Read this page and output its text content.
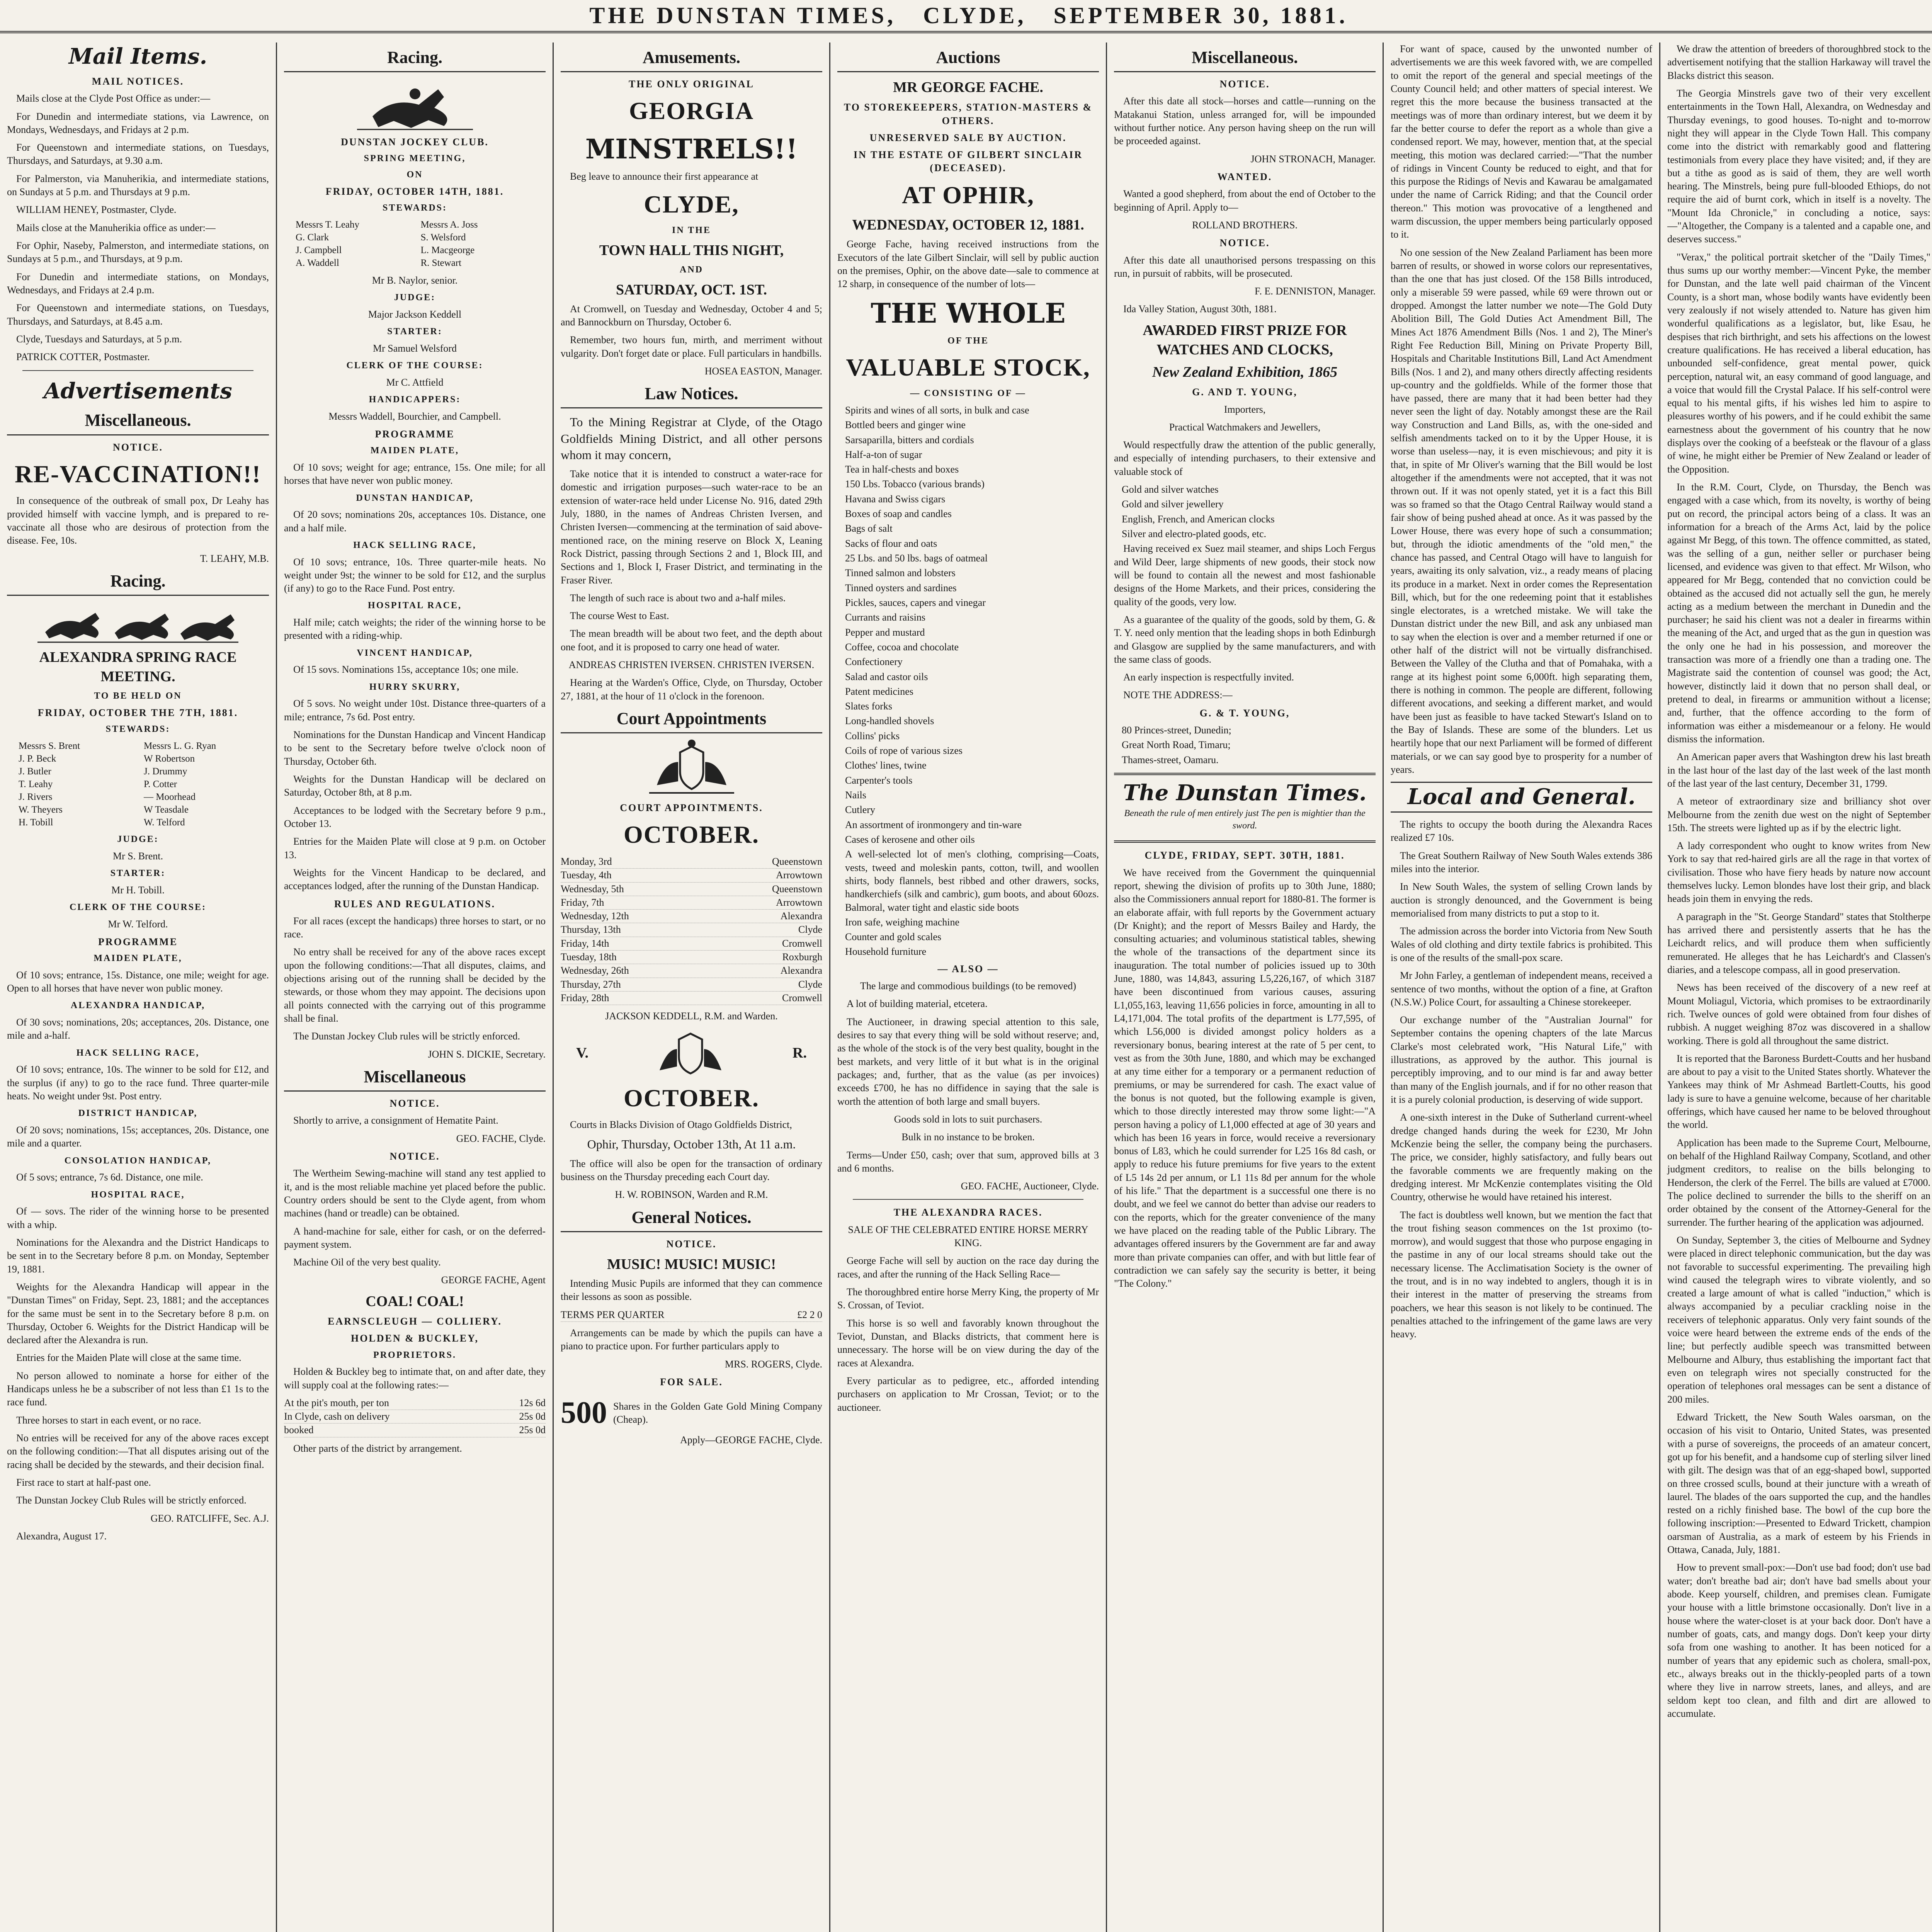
THE DUNSTAN TIMES, CLYDE, SEPTEMBER 30, 1881.
Mail Items.
MAIL NOTICES.

Mails close at the Clyde Post Office as under:—

For Dunedin and intermediate stations, via Lawrence, on Mondays, Wednesdays, and Fridays at 2 p.m.

For Queenstown and intermediate stations, on Tuesdays, Thursdays, and Saturdays, at 9.30 a.m.

For Palmerston, via Manuherikia, and intermediate stations, on Sundays at 5 p.m. and Thursdays at 9 p.m.

WILLIAM HENEY, Postmaster, Clyde.

Mails close at the Manuherikia office as under:—

For Ophir, Naseby, Palmerston, and intermediate stations, on Sundays at 5 p.m., and Thursdays, at 9 p.m.

For Dunedin and intermediate stations, on Mondays, Wednesdays, and Fridays at 2.4 p.m.

For Queenstown and intermediate stations, on Tuesdays, Thursdays, and Saturdays, at 8.45 a.m.

Clyde, Tuesdays and Saturdays, at 5 p.m.

PATRICK COTTER, Postmaster.

Advertisements
Miscellaneous.
NOTICE.
RE-VACCINATION!!

In consequence of the outbreak of small pox, Dr Leahy has provided himself with vaccine lymph, and is prepared to re-vaccinate all those who are desirous of protection from the disease. Fee, 10s.

T. LEAHY, M.B.

Racing.
ALEXANDRA SPRING RACE MEETING.
TO BE HELD ON
FRIDAY, OCTOBER THE 7TH, 1881.
STEWARDS:
Messrs S. Brent	Messrs L. G. Ryan
J. P. Beck	W Robertson
J. Butler	J. Drummy
T. Leahy	P. Cotter
J. Rivers	— Moorhead
W. Theyers	W Teasdale
H. Tobill	W. Telford
JUDGE:

Mr S. Brent.

STARTER:

Mr H. Tobill.

CLERK OF THE COURSE:

Mr W. Telford.

PROGRAMME
MAIDEN PLATE,

Of 10 sovs; entrance, 15s. Distance, one mile; weight for age. Open to all horses that have never won public money.

ALEXANDRA HANDICAP,

Of 30 sovs; nominations, 20s; acceptances, 20s. Distance, one mile and a-half.

HACK SELLING RACE,

Of 10 sovs; entrance, 10s. The winner to be sold for £12, and the surplus (if any) to go to the race fund. Three quarter-mile heats. No weight under 9st. Post entry.

DISTRICT HANDICAP,

Of 20 sovs; nominations, 15s; acceptances, 20s. Distance, one mile and a quarter.

CONSOLATION HANDICAP,

Of 5 sovs; entrance, 7s 6d. Distance, one mile.

HOSPITAL RACE,

Of — sovs. The rider of the winning horse to be presented with a whip.

Nominations for the Alexandra and the District Handicaps to be sent in to the Secretary before 8 p.m. on Monday, September 19, 1881.

Weights for the Alexandra Handicap will appear in the "Dunstan Times" on Friday, Sept. 23, 1881; and the acceptances for the same must be sent in to the Secretary before 8 p.m. on Thursday, October 6. Weights for the District Handicap will be declared after the Alexandra is run.

Entries for the Maiden Plate will close at the same time.

No person allowed to nominate a horse for either of the Handicaps unless he be a subscriber of not less than £1 1s to the race fund.

Three horses to start in each event, or no race.

No entries will be received for any of the above races except on the following condition:—That all disputes arising out of the racing shall be decided by the stewards, and their decision final.

First race to start at half-past one.

The Dunstan Jockey Club Rules will be strictly enforced.

GEO. RATCLIFFE, Sec. A.J.

Alexandra, August 17.

Racing.
DUNSTAN JOCKEY CLUB.
SPRING MEETING,
ON
FRIDAY, OCTOBER 14TH, 1881.
STEWARDS:
Messrs T. Leahy	Messrs A. Joss
G. Clark	S. Welsford
J. Campbell	L. Macgeorge
A. Waddell	R. Stewart

Mr B. Naylor, senior.

JUDGE:

Major Jackson Keddell

STARTER:

Mr Samuel Welsford

CLERK OF THE COURSE:

Mr C. Attfield

HANDICAPPERS:

Messrs Waddell, Bourchier, and Campbell.

PROGRAMME
MAIDEN PLATE,

Of 10 sovs; weight for age; entrance, 15s. One mile; for all horses that have never won public money.

DUNSTAN HANDICAP,

Of 20 sovs; nominations 20s, acceptances 10s. Distance, one and a half mile.

HACK SELLING RACE,

Of 10 sovs; entrance, 10s. Three quarter-mile heats. No weight under 9st; the winner to be sold for £12, and the surplus (if any) to go to the Race Fund. Post entry.

HOSPITAL RACE,

Half mile; catch weights; the rider of the winning horse to be presented with a riding-whip.

VINCENT HANDICAP,

Of 15 sovs. Nominations 15s, acceptance 10s; one mile.

HURRY SKURRY,

Of 5 sovs. No weight under 10st. Distance three-quarters of a mile; entrance, 7s 6d. Post entry.

Nominations for the Dunstan Handicap and Vincent Handicap to be sent to the Secretary before twelve o'clock noon of Thursday, October 6th.

Weights for the Dunstan Handicap will be declared on Saturday, October 8th, at 8 p.m.

Acceptances to be lodged with the Secretary before 9 p.m., October 13.

Entries for the Maiden Plate will close at 9 p.m. on October 13.

Weights for the Vincent Handicap to be declared, and acceptances lodged, after the running of the Dunstan Handicap.

RULES AND REGULATIONS.

For all races (except the handicaps) three horses to start, or no race.

No entry shall be received for any of the above races except upon the following conditions:—That all disputes, claims, and objections arising out of the running shall be decided by the stewards, or those whom they may appoint. The decisions upon all points connected with the carrying out of this programme shall be final.

The Dunstan Jockey Club rules will be strictly enforced.

JOHN S. DICKIE, Secretary.

Miscellaneous
NOTICE.

Shortly to arrive, a consignment of Hematite Paint.

GEO. FACHE, Clyde.

NOTICE.

The Wertheim Sewing-machine will stand any test applied to it, and is the most reliable machine yet placed before the public. Country orders should be sent to the Clyde agent, from whom machines (hand or treadle) can be obtained.

A hand-machine for sale, either for cash, or on the deferred-payment system.

Machine Oil of the very best quality.

GEORGE FACHE, Agent

COAL! COAL!
EARNSCLEUGH — COLLIERY.
HOLDEN & BUCKLEY,
PROPRIETORS.

Holden & Buckley beg to intimate that, on and after date, they will supply coal at the following rates:—

At the pit's mouth, per ton	12s 6d
In Clyde, cash on delivery	25s 0d
booked	25s 0d

Other parts of the district by arrangement.

Amusements.
THE ONLY ORIGINAL
GEORGIA
MINSTRELS!!

Beg leave to announce their first appearance at

CLYDE,
IN THE
TOWN HALL THIS NIGHT,
AND
SATURDAY, OCT. 1ST.

At Cromwell, on Tuesday and Wednesday, October 4 and 5; and Bannockburn on Thursday, October 6.

Remember, two hours fun, mirth, and merriment without vulgarity. Don't forget date or place. Full particulars in handbills.

HOSEA EASTON, Manager.

Law Notices.

To the Mining Registrar at Clyde, of the Otago Goldfields Mining District, and all other persons whom it may concern,

Take notice that it is intended to construct a water-race for domestic and irrigation purposes—such water-race to be an extension of water-race held under License No. 916, dated 29th July, 1880, in the names of Andreas Christen Iversen, and Christen Iversen—commencing at the termination of said above-mentioned race, on the mining reserve on Block X, Leaning Rock District, passing through Sections 2 and 1, Block III, and Sections and 1, Block I, Fraser District, and terminating in the Fraser River.

The length of such race is about two and a-half miles.

The course West to East.

The mean breadth will be about two feet, and the depth about one foot, and it is proposed to carry one head of water.

ANDREAS CHRISTEN IVERSEN. CHRISTEN IVERSEN.

Hearing at the Warden's Office, Clyde, on Thursday, October 27, 1881, at the hour of 11 o'clock in the forenoon.

Court Appointments
COURT APPOINTMENTS.
OCTOBER.
Monday, 3rd	Queenstown
Tuesday, 4th	Arrowtown
Wednesday, 5th	Queenstown
Friday, 7th	Arrowtown
Wednesday, 12th	Alexandra
Thursday, 13th	Clyde
Friday, 14th	Cromwell
Tuesday, 18th	Roxburgh
Wednesday, 26th	Alexandra
Thursday, 27th	Clyde
Friday, 28th	Cromwell

JACKSON KEDDELL, R.M. and Warden.

V.	R.
OCTOBER.

Courts in Blacks Division of Otago Goldfields District,

Ophir, Thursday, October 13th, At 11 a.m.

The office will also be open for the transaction of ordinary business on the Thursday preceding each Court day.

H. W. ROBINSON, Warden and R.M.

General Notices.
NOTICE.
MUSIC! MUSIC! MUSIC!

Intending Music Pupils are informed that they can commence their lessons as soon as possible.

TERMS PER QUARTER	£2 2 0

Arrangements can be made by which the pupils can have a piano to practice upon. For further particulars apply to

MRS. ROGERS, Clyde.

FOR SALE.
500 Shares in the Golden Gate Gold Mining Company (Cheap).

Apply—GEORGE FACHE, Clyde.

Auctions
MR GEORGE FACHE.
TO STOREKEEPERS, STATION-MASTERS & OTHERS.
UNRESERVED SALE BY AUCTION.
IN THE ESTATE OF GILBERT SINCLAIR (DECEASED).
AT OPHIR,
WEDNESDAY, OCTOBER 12, 1881.

George Fache, having received instructions from the Executors of the late Gilbert Sinclair, will sell by public auction on the premises, Ophir, on the above date—sale to commence at 12 sharp, in consequence of the number of lots—

THE WHOLE
OF THE
VALUABLE STOCK,
— CONSISTING OF —

Spirits and wines of all sorts, in bulk and case

Bottled beers and ginger wine

Sarsaparilla, bitters and cordials

Half-a-ton of sugar

Tea in half-chests and boxes

150 Lbs. Tobacco (various brands)

Havana and Swiss cigars

Boxes of soap and candles

Bags of salt

Sacks of flour and oats

25 Lbs. and 50 lbs. bags of oatmeal

Tinned salmon and lobsters

Tinned oysters and sardines

Pickles, sauces, capers and vinegar

Currants and raisins

Pepper and mustard

Coffee, cocoa and chocolate

Confectionery

Salad and castor oils

Patent medicines

Slates forks

Long-handled shovels

Collins' picks

Coils of rope of various sizes

Clothes' lines, twine

Carpenter's tools

Nails

Cutlery

An assortment of ironmongery and tin-ware

Cases of kerosene and other oils

A well-selected lot of men's clothing, comprising—Coats, vests, tweed and moleskin pants, cotton, twill, and woollen shirts, body flannels, best ribbed and other drawers, socks, handkerchiefs (silk and cambric), gum boots, and about 60ozs. Balmoral, water tight and elastic side boots

Iron safe, weighing machine

Counter and gold scales

Household furniture

— ALSO —

The large and commodious buildings (to be removed)

A lot of building material, etcetera.

The Auctioneer, in drawing special attention to this sale, desires to say that every thing will be sold without reserve; and, as the whole of the stock is of the very best quality, bought in the best markets, and very little of it but what is in the original packages; and, further, that as the value (as per invoices) exceeds £700, he has no diffidence in saying that the sale is worth the attention of both large and small buyers.

Goods sold in lots to suit purchasers.

Bulk in no instance to be broken.

Terms—Under £50, cash; over that sum, approved bills at 3 and 6 months.

GEO. FACHE, Auctioneer, Clyde.

THE ALEXANDRA RACES.

SALE OF THE CELEBRATED ENTIRE HORSE MERRY KING.

George Fache will sell by auction on the race day during the races, and after the running of the Hack Selling Race—

The thoroughbred entire horse Merry King, the property of Mr S. Crossan, of Teviot.

This horse is so well and favorably known throughout the Teviot, Dunstan, and Blacks districts, that comment here is unnecessary. The horse will be on view during the day of the races at Alexandra.

Every particular as to pedigree, etc., afforded intending purchasers on application to Mr Crossan, Teviot; or to the auctioneer.

Miscellaneous.
NOTICE.

After this date all stock—horses and cattle—running on the Matakanui Station, unless arranged for, will be impounded without further notice. Any person having sheep on the run will be proceeded against.

JOHN STRONACH, Manager.

WANTED.

Wanted a good shepherd, from about the end of October to the beginning of April. Apply to—

ROLLAND BROTHERS.

NOTICE.

After this date all unauthorised persons trespassing on this run, in pursuit of rabbits, will be prosecuted.

F. E. DENNISTON, Manager.

Ida Valley Station, August 30th, 1881.

AWARDED FIRST PRIZE FOR WATCHES AND CLOCKS,
New Zealand Exhibition, 1865
G. AND T. YOUNG,

Importers,

Practical Watchmakers and Jewellers,

Would respectfully draw the attention of the public generally, and especially of intending purchasers, to their extensive and valuable stock of

Gold and silver watches

Gold and silver jewellery

English, French, and American clocks

Silver and electro-plated goods, etc.

Having received ex Suez mail steamer, and ships Loch Fergus and Wild Deer, large shipments of new goods, their stock now will be found to contain all the newest and most fashionable designs of the Home Markets, and their prices, considering the quality of the goods, very low.

As a guarantee of the quality of the goods, sold by them, G. & T. Y. need only mention that the leading shops in both Edinburgh and Glasgow are supplied by the same manufacturers, and with the same class of goods.

An early inspection is respectfully invited.

NOTE THE ADDRESS:—

G. & T. YOUNG,

80 Princes-street, Dunedin;

Great North Road, Timaru;

Thames-street, Oamaru.

The Dunstan Times.

Beneath the rule of men entirely just The pen is mightier than the sword.

CLYDE, FRIDAY, SEPT. 30TH, 1881.

We have received from the Government the quinquennial report, shewing the division of profits up to 30th June, 1880; also the Commissioners annual report for 1880-81. The former is an elaborate affair, with full reports by the Government actuary (Dr Knight); and the report of Messrs Bailey and Hardy, the consulting actuaries; and voluminous statistical tables, shewing the whole of the transactions of the department since its inauguration. The total number of policies issued up to 30th June, 1880, was 14,843, assuring L5,226,167, of which 3187 have been discontinued from various causes, assuring L1,055,163, leaving 11,656 policies in force, amounting in all to L4,171,004. The total profits of the department is L77,595, of which L56,000 is divided amongst policy holders as a reversionary bonus, bearing interest at the rate of 5 per cent, to vest as from the 30th June, 1880, and which may be exchanged at any time either for a temporary or a permanent reduction of premiums, or may be surrendered for cash. The exact value of the bonus is not quoted, but the following example is given, which to those directly interested may throw some light:—"A person having a policy of L1,000 effected at age of 30 years and which has been 16 years in force, would receive a reversionary bonus of L83, which he could surrender for L25 16s 8d cash, or apply to reduce his future premiums for five years to the extent of L5 14s 2d per annum, or L1 11s 8d per annum for the whole of his life." That the department is a successful one there is no doubt, and we feel we cannot do better than advise our readers to con the reports, which for the greater convenience of the many we have placed on the reading table of the Public Library. The advantages offered insurers by the Government are far and away more than private companies can offer, and with but little fear of contradiction we can safely say the security is better, it being "The Colony."

For want of space, caused by the unwonted number of advertisements we are this week favored with, we are compelled to omit the report of the general and special meetings of the County Council held; and other matters of special interest. We regret this the more because the business transacted at the meetings was of more than ordinary interest, but we deem it by far the better course to defer the report as a whole than give a condensed report. We may, however, mention that, at the special meeting, this motion was declared carried:—"That the number of ridings in Vincent County be reduced to eight, and that for this purpose the Ridings of Nevis and Kawarau be amalgamated under the name of Carrick Riding; and that the Council order thereon." This motion was provocative of a lengthened and warm discussion, the upper members being particularly opposed to it.

No one session of the New Zealand Parliament has been more barren of results, or showed in worse colors our representatives, than the one that has just closed. Of the 158 Bills introduced, only a miserable 59 were passed, while 69 were thrown out or dropped. Amongst the latter number we note—The Gold Duty Abolition Bill, The Gold Duties Act Amendment Bill, The Mines Act 1876 Amendment Bills (Nos. 1 and 2), The Miner's Right Fee Reduction Bill, Mining on Private Property Bill, Hospitals and Charitable Institutions Bill, Land Act Amendment Bills (Nos. 1 and 2), and many others directly affecting residents up-country and the goldfields. While of the former those that have passed, there are many that it had been better had they never seen the light of day. Notably amongst these are the Rail way Construction and Land Bills, as, with the one-sided and selfish amendments tacked on to it by the Upper House, it is worse than useless—nay, it is even mischievous; and pity it is that, in spite of Mr Oliver's warning that the Bill would be lost altogether if the amendments were not accepted, that it was not thrown out. If it was not openly stated, yet it is a fact this Bill was so framed so that the Otago Central Railway would stand a fair show of being pushed ahead at once. As it was passed by the Lower House, there was every hope of such a consummation; but, through the idiotic amendments of the "old men," the chance has passed, and Central Otago will have to languish for years, awaiting its only salvation, viz., a ready means of placing its produce in a market. Next in order comes the Representation Bill, which, but for the one redeeming point that it establishes single electorates, is a wretched mistake. We will take the Dunstan district under the new Bill, and ask any unbiased man to say when the election is over and a member returned if one or other half of the district will not be virtually disfranchised. Between the Valley of the Clutha and that of Pomahaka, with a range at its highest point some 6,000ft. high separating them, there is nothing in common. The people are different, following different avocations, and seeking a different market, and would have been just as feasible to have tacked Stewart's Island on to the Bay of Islands. These are some of the blunders. Let us heartily hope that our next Parliament will be formed of different materials, or we can say good bye to prosperity for a number of years.

Local and General.

The rights to occupy the booth during the Alexandra Races realized £7 10s.

The Great Southern Railway of New South Wales extends 386 miles into the interior.

In New South Wales, the system of selling Crown lands by auction is strongly denounced, and the Government is being memorialised from many districts to put a stop to it.

The admission across the border into Victoria from New South Wales of old clothing and dirty textile fabrics is prohibited. This is one of the results of the small-pox scare.

Mr John Farley, a gentleman of independent means, received a sentence of two months, without the option of a fine, at Grafton (N.S.W.) Police Court, for assaulting a Chinese storekeeper.

Our exchange number of the "Australian Journal" for September contains the opening chapters of the late Marcus Clarke's most celebrated work, "His Natural Life," with illustrations, as approved by the author. This journal is perceptibly improving, and to our mind is far and away better than many of the English journals, and if for no other reason that it is a purely colonial production, is deserving of wide support.

A one-sixth interest in the Duke of Sutherland current-wheel dredge changed hands during the week for £230, Mr John McKenzie being the seller, the company being the purchasers. The price, we consider, highly satisfactory, and fully bears out the favorable comments we are frequently making on the dredging interest. Mr McKenzie contemplates visiting the Old Country, otherwise he would have retained his interest.

The fact is doubtless well known, but we mention the fact that the trout fishing season commences on the 1st proximo (to-morrow), and would suggest that those who purpose engaging in the pastime in any of our local streams should take out the necessary license. The Acclimatisation Society is the owner of the trout, and is in no way indebted to anglers, though it is in their interest in the matter of preserving the streams from poachers, we hear this season is not likely to be continued. The penalties attached to the infringement of the game laws are very heavy.

We draw the attention of breeders of thoroughbred stock to the advertisement notifying that the stallion Harkaway will travel the Blacks district this season.

The Georgia Minstrels gave two of their very excellent entertainments in the Town Hall, Alexandra, on Wednesday and Thursday evenings, to good houses. To-night and to-morrow night they will appear in the Clyde Town Hall. This company come into the district with remarkably good and flattering testimonials from every place they have visited; and, if they are but a tithe as good as is said of them, they are well worth hearing. The Minstrels, being pure full-blooded Ethiops, do not require the aid of burnt cork, which in itself is a novelty. The "Mount Ida Chronicle," in concluding a notice, says:—"Altogether, the Company is a talented and a capable one, and deserves success."

"Verax," the political portrait sketcher of the "Daily Times," thus sums up our worthy member:—Vincent Pyke, the member for Dunstan, and the late well paid chairman of the Vincent County, is a short man, whose bodily wants have evidently been very zealously if not wisely attended to. Nature has given him wonderful qualifications as a legislator, but, like Esau, he despises that rich birthright, and sets his affections on the lowest creature qualifications. He has received a liberal education, has unbounded self-confidence, great mental power, quick perception, natural wit, an easy command of good language, and a voice that would fill the Crystal Palace. If his self-control were equal to his mental gifts, if his wishes led him to aspire to pleasures worthy of his powers, and if he could exhibit the same earnestness about the government of his country that he now displays over the cooking of a beefsteak or the flavour of a glass of wine, he might either be Premier of New Zealand or leader of the Opposition.

In the R.M. Court, Clyde, on Thursday, the Bench was engaged with a case which, from its novelty, is worthy of being put on record, the principal actors being of a class. It was an information for a breach of the Arms Act, laid by the police against Mr Begg, of this town. The offence committed, as stated, was the selling of a gun, neither seller or purchaser being licensed, and evidence was given to that effect. Mr Wilson, who appeared for Mr Begg, contended that no conviction could be obtained as the accused did not actually sell the gun, he merely acting as a medium between the merchant in Dunedin and the purchaser; he said his client was not a dealer in firearms within the meaning of the Act, and urged that as the gun in question was the only one he had in his possession, and moreover the transaction was more of a friendly one than a trading one. The Magistrate said the contention of counsel was good; the Act, however, distinctly laid it down that no person shall deal, or pretend to deal, in firearms or ammunition without a license; and, further, that the offence according to the form of information was either a misdemeanour or a felony. He would dismiss the information.

An American paper avers that Washington drew his last breath in the last hour of the last day of the last week of the last month of the last year of the last century, December 31, 1799.

A meteor of extraordinary size and brilliancy shot over Melbourne from the zenith due west on the night of September 15th. The streets were lighted up as if by the electric light.

A lady correspondent who ought to know writes from New York to say that red-haired girls are all the rage in that vortex of civilisation. Those who have fiery heads by nature now account themselves lucky. Lemon blondes have lost their grip, and black heads join them in envying the reds.

A paragraph in the "St. George Standard" states that Stoltherpe has arrived there and persistently asserts that he has the Leichardt relics, and will produce them when sufficiently remunerated. He alleges that he has Leichardt's and Classen's diaries, and a telescope compass, all in good preservation.

News has been received of the discovery of a new reef at Mount Moliagul, Victoria, which promises to be extraordinarily rich. Twelve ounces of gold were obtained from four dishes of rubbish. A nugget weighing 87oz was discovered in a shallow working. There is gold all throughout the same district.

It is reported that the Baroness Burdett-Coutts and her husband are about to pay a visit to the United States shortly. Whatever the Yankees may think of Mr Ashmead Bartlett-Coutts, his good lady is sure to have a genuine welcome, because of her charitable offerings, which have caused her name to be beloved throughout the world.

Application has been made to the Supreme Court, Melbourne, on behalf of the Highland Railway Company, Scotland, and other judgment creditors, to realise on the bills belonging to Henderson, the clerk of the Ferrel. The bills are valued at £7000. The police declined to surrender the bills to the sheriff on an order obtained by the consent of the Attorney-General for the surrender. The further hearing of the application was adjourned.

On Sunday, September 3, the cities of Melbourne and Sydney were placed in direct telephonic communication, but the day was not favorable to successful experimenting. The prevailing high wind caused the telegraph wires to vibrate violently, and so created a large amount of what is called "induction," which is always accompanied by a peculiar crackling noise in the receivers of telephonic apparatus. Only very faint sounds of the voice were heard between the extreme ends of the ends of the line; but perfectly audible speech was transmitted between Melbourne and Albury, thus establishing the important fact that even on telegraph wires not specially constructed for the operation of telephones oral messages can be sent a distance of 200 miles.

Edward Trickett, the New South Wales oarsman, on the occasion of his visit to Ontario, United States, was presented with a purse of sovereigns, the proceeds of an amateur concert, got up for his benefit, and a handsome cup of sterling silver lined with gilt. The design was that of an egg-shaped bowl, supported on three crossed sculls, bound at their juncture with a wreath of laurel. The blades of the oars supported the cup, and the handles rested on a richly finished base. The bowl of the cup bore the following inscription:—Presented to Edward Trickett, champion oarsman of Australia, as a mark of esteem by his Friends in Ottawa, Canada, July, 1881.

How to prevent small-pox:—Don't use bad food; don't use bad water; don't breathe bad air; don't have bad smells about your abode. Keep yourself, children, and premises clean. Fumigate your house with a little brimstone occasionally. Don't live in a house where the water-closet is at your back door. Don't have a number of goats, cats, and mangy dogs. Don't keep your dirty sofa from one washing to another. It has been noticed for a number of years that any epidemic such as cholera, small-pox, etc., always breaks out in the thickly-peopled parts of a town where they live in narrow streets, lanes, and alleys, and are seldom kept too clean, and filth and dirt are allowed to accumulate.
